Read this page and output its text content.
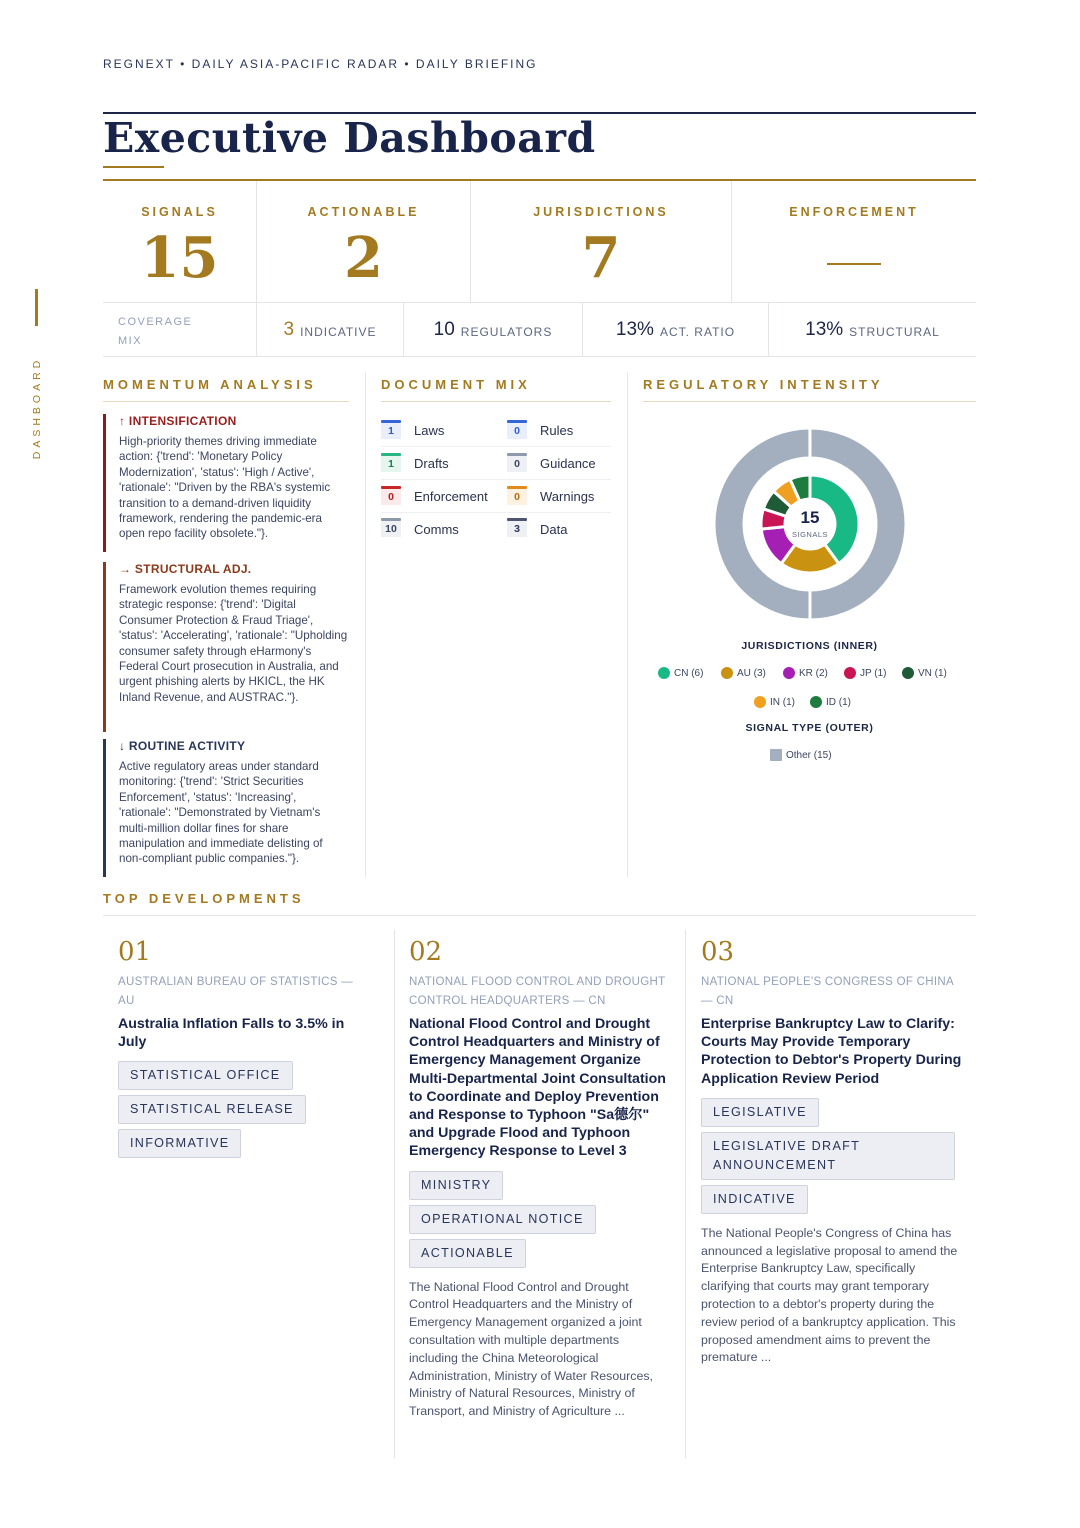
REGNEXT • DAILY ASIA-PACIFIC RADAR • DAILY BRIEFING
Executive Dashboard
DASHBOARD
SIGNALS
15
ACTIONABLE
2
JURISDICTIONS
7
ENFORCEMENT
COVERAGE MIX
3 INDICATIVE	10 REGULATORS	13% ACT. RATIO	13% STRUCTURAL
MOMENTUM ANALYSIS	DOCUMENT MIX	REGULATORY INTENSITY
↑ INTENSIFICATION
High-priority themes driving immediate action: {'trend': 'Monetary Policy Modernization', 'status': 'High / Active', 'rationale': "Driven by the RBA's systemic transition to a demand-driven liquidity framework, rendering the pandemic-era open repo facility obsolete."}.
→ STRUCTURAL ADJ.
Framework evolution themes requiring strategic response: {'trend': 'Digital Consumer Protection & Fraud Triage', 'status': 'Accelerating', 'rationale': "Upholding consumer safety through eHarmony's Federal Court prosecution in Australia, and urgent phishing alerts by HKICL, the HK Inland Revenue, and AUSTRAC."}.
↓ ROUTINE ACTIVITY
Active regulatory areas under standard monitoring: {'trend': 'Strict Securities Enforcement', 'status': 'Increasing', 'rationale': "Demonstrated by Vietnam's multi-million dollar fines for share manipulation and immediate delisting of non-compliant public companies."}.
1	Laws	0	Rules
1	Drafts	0	Guidance
0	Enforcement	0	Warnings
10	Comms	3	Data
15
SIGNALS
JURISDICTIONS (INNER)
CN (6)	AU (3)	KR (2)	JP (1)	VN (1)
IN (1)	ID (1)
SIGNAL TYPE (OUTER)
Other (15)
TOP DEVELOPMENTS
01
AUSTRALIAN BUREAU OF STATISTICS — AU
Australia Inflation Falls to 3.5% in July
STATISTICAL OFFICE
STATISTICAL RELEASE
INFORMATIVE
02
NATIONAL FLOOD CONTROL AND DROUGHT CONTROL HEADQUARTERS — CN
National Flood Control and Drought Control Headquarters and Ministry of Emergency Management Organize Multi-Departmental Joint Consultation to Coordinate and Deploy Prevention and Response to Typhoon "Sa德尔" and Upgrade Flood and Typhoon Emergency Response to Level 3
MINISTRY
OPERATIONAL NOTICE
ACTIONABLE
The National Flood Control and Drought Control Headquarters and the Ministry of Emergency Management organized a joint consultation with multiple departments including the China Meteorological Administration, Ministry of Water Resources, Ministry of Natural Resources, Ministry of Transport, and Ministry of Agriculture ...
03
NATIONAL PEOPLE'S CONGRESS OF CHINA — CN
Enterprise Bankruptcy Law to Clarify: Courts May Provide Temporary Protection to Debtor's Property During Application Review Period
LEGISLATIVE
LEGISLATIVE DRAFT ANNOUNCEMENT
INDICATIVE
The National People's Congress of China has announced a legislative proposal to amend the Enterprise Bankruptcy Law, specifically clarifying that courts may grant temporary protection to a debtor's property during the review period of a bankruptcy application. This proposed amendment aims to prevent the premature ...
